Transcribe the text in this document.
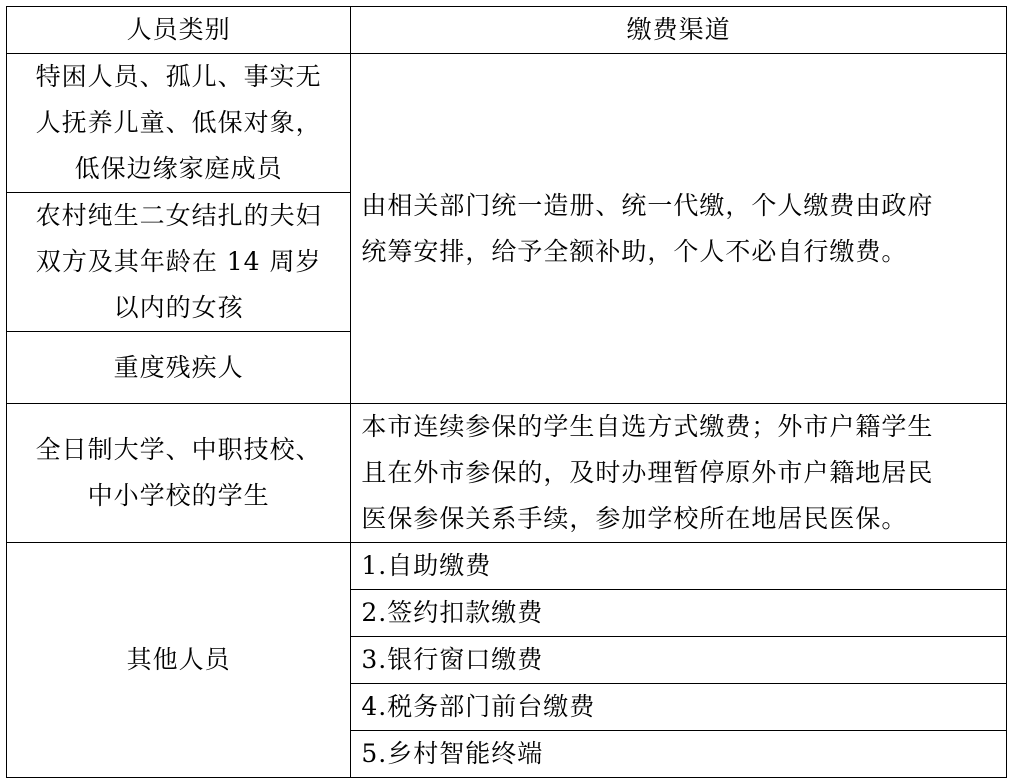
人员类别	缴费渠道

特困人员、孤儿、事实无
人抚养儿童、低保对象，
低保边缘家庭成员	由相关部门统一造册、统一代缴，个人缴费由政府
统筹安排，给予全额补助，个人不必自行缴费。

农村纯生二女结扎的夫妇
双方及其年龄在 14 周岁
以内的女孩	

重度残疾人	

全日制大学、中职技校、
中小学校的学生	本市连续参保的学生自选方式缴费；外市户籍学生
且在外市参保的，及时办理暂停原外市户籍地居民
医保参保关系手续，参加学校所在地居民医保。

其他人员	1.自助缴费
	2.签约扣款缴费
	3.银行窗口缴费
	4.税务部门前台缴费
	5.乡村智能终端
